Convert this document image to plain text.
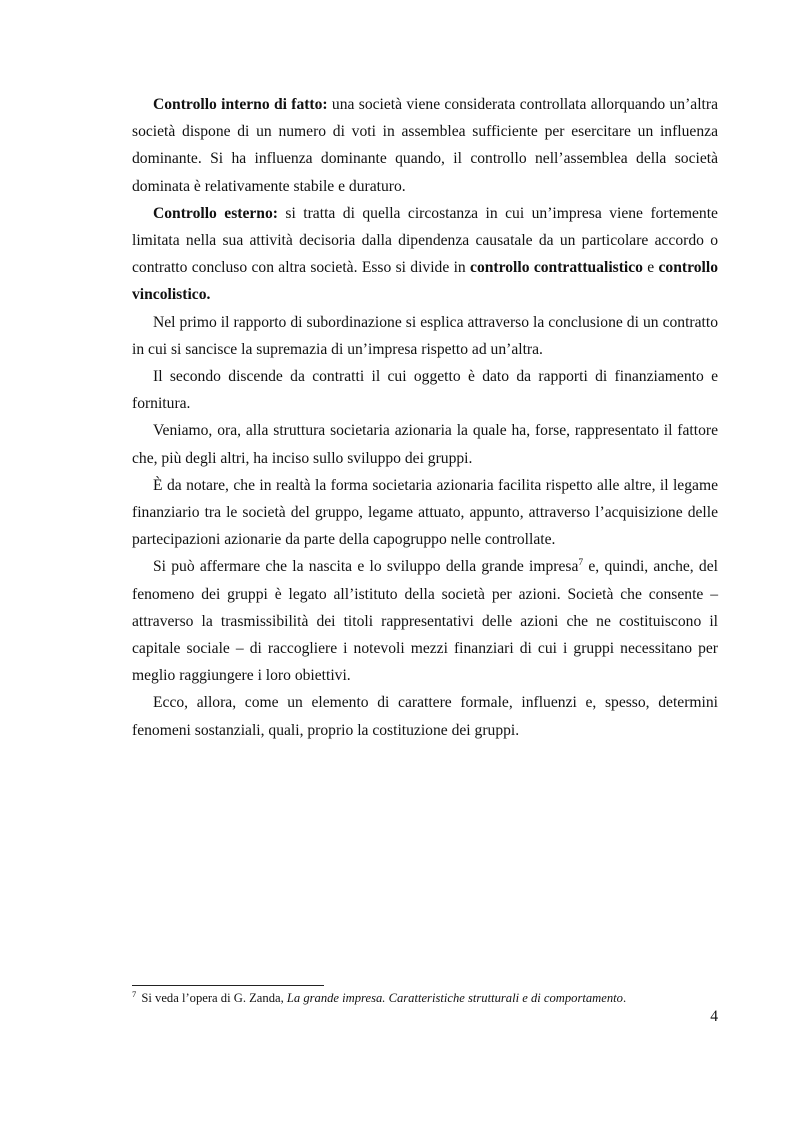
Controllo interno di fatto: una società viene considerata controllata allorquando un’altra società dispone di un numero di voti in assemblea sufficiente per esercitare un influenza dominante. Si ha influenza dominante quando, il controllo nell’assemblea della società dominata è relativamente stabile e duraturo.

Controllo esterno: si tratta di quella circostanza in cui un’impresa viene fortemente limitata nella sua attività decisoria dalla dipendenza causatale da un particolare accordo o contratto concluso con altra società. Esso si divide in controllo contrattualistico e controllo vincolistico.

Nel primo il rapporto di subordinazione si esplica attraverso la conclusione di un contratto in cui si sancisce la supremazia di un’impresa rispetto ad un’altra.

Il secondo discende da contratti il cui oggetto è dato da rapporti di finanziamento e fornitura.

Veniamo, ora, alla struttura societaria azionaria la quale ha, forse, rappresentato il fattore che, più degli altri, ha inciso sullo sviluppo dei gruppi.

È da notare, che in realtà la forma societaria azionaria facilita rispetto alle altre, il legame finanziario tra le società del gruppo, legame attuato, appunto, attraverso l’acquisizione delle partecipazioni azionarie da parte della capogruppo nelle controllate.

Si può affermare che la nascita e lo sviluppo della grande impresa$^7$ e, quindi, anche, del fenomeno dei gruppi è legato all’istituto della società per azioni. Società che consente – attraverso la trasmissibilità dei titoli rappresentativi delle azioni che ne costituiscono il capitale sociale – di raccogliere i notevoli mezzi finanziari di cui i gruppi necessitano per meglio raggiungere i loro obiettivi.

Ecco, allora, come un elemento di carattere formale, influenzi e, spesso, determini fenomeni sostanziali, quali, proprio la costituzione dei gruppi.

$^7$ Si veda l’opera di G. Zanda, La grande impresa. Caratteristiche strutturali e di comportamento.
4
